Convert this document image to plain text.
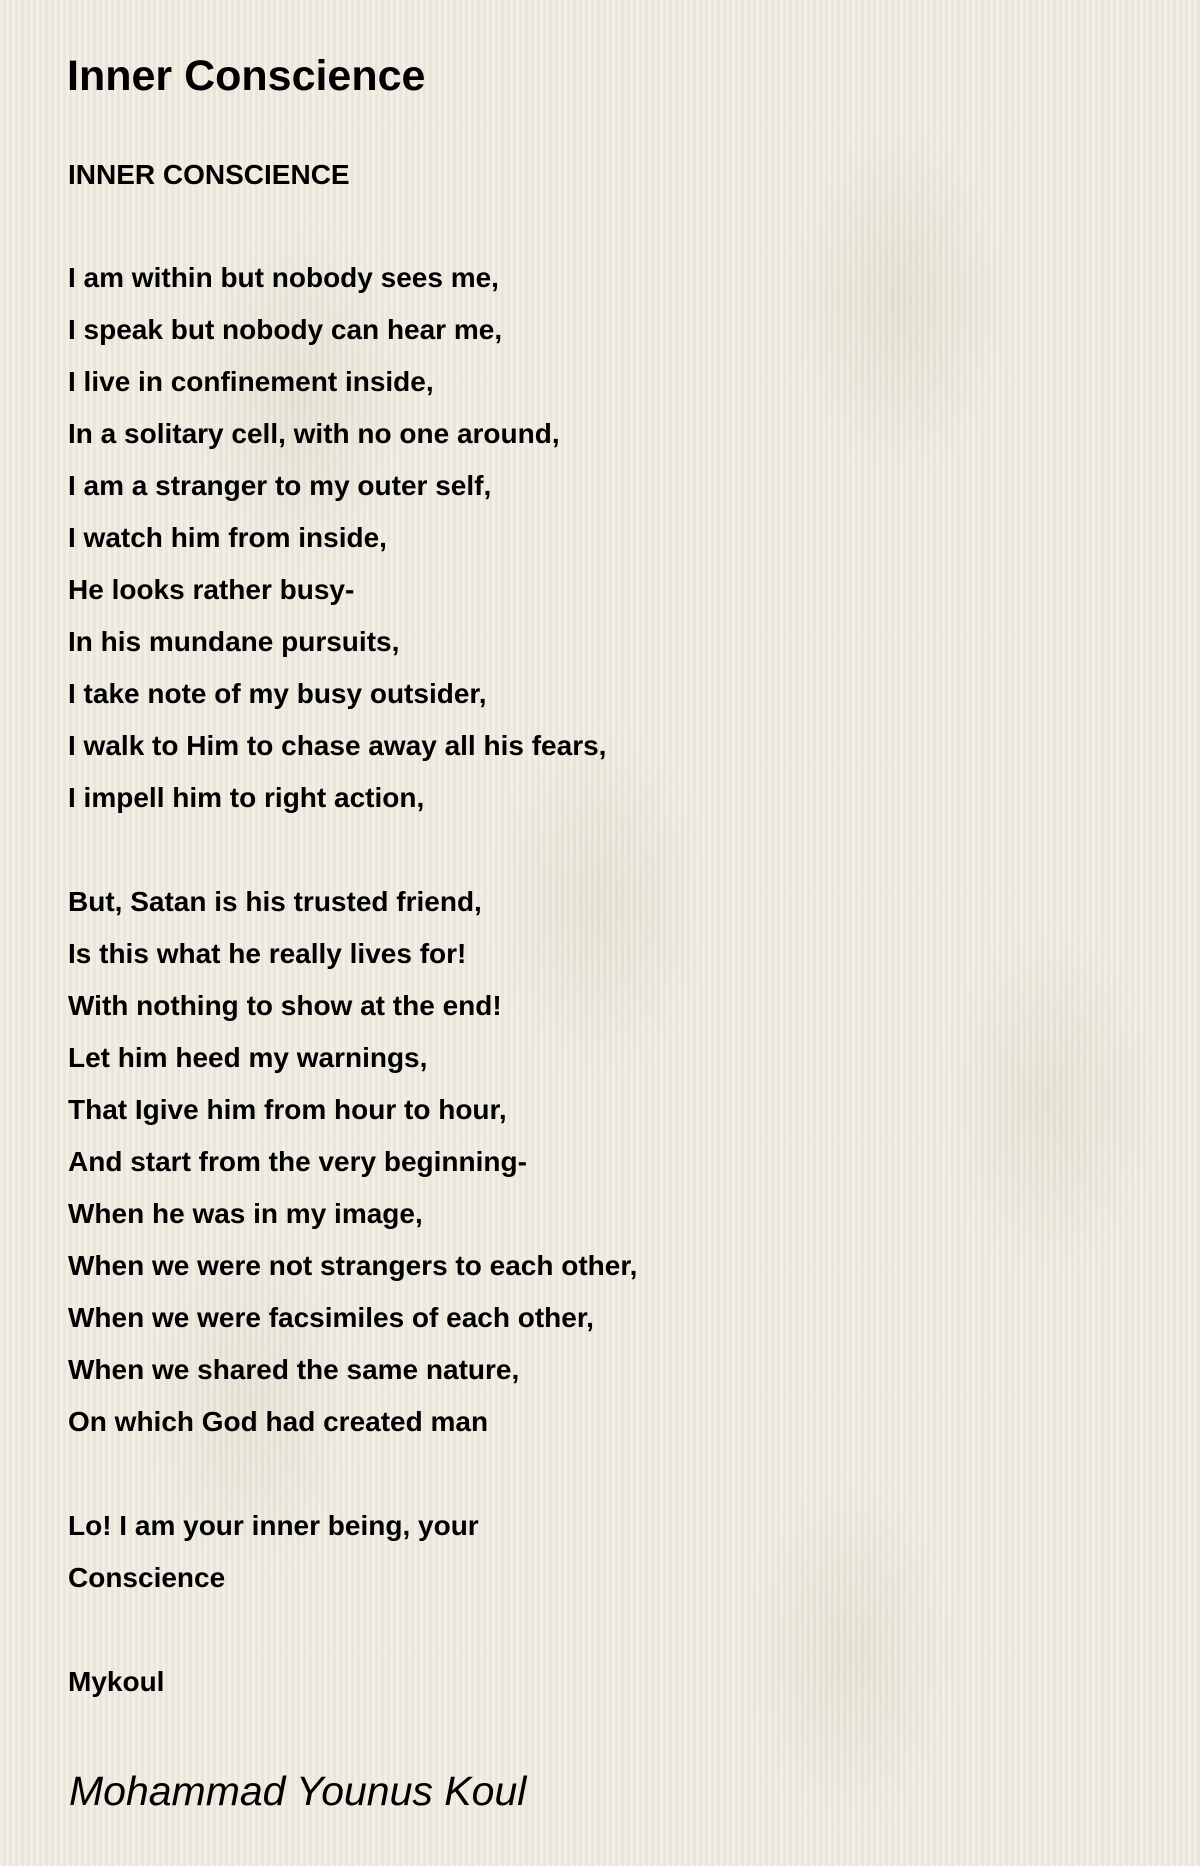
Inner Conscience
INNER CONSCIENCE
I am within but nobody sees me,
I speak but nobody can hear me,
I live in confinement inside,
In a solitary cell, with no one around,
I am a stranger to my outer self,
I watch him from inside,
He looks rather busy-
In his mundane pursuits,
I take note of my busy outsider,
I walk to Him to chase away all his fears,
I impell him to right action,
But, Satan is his trusted friend,
Is this what he really lives for!
With nothing to show at the end!
Let him heed my warnings,
That Igive him from hour to hour,
And start from the very beginning-
When he was in my image,
When we were not strangers to each other,
When we were facsimiles of each other,
When we shared the same nature,
On which God had created man
Lo! I am your inner being, your
Conscience
Mykoul
Mohammad Younus Koul
